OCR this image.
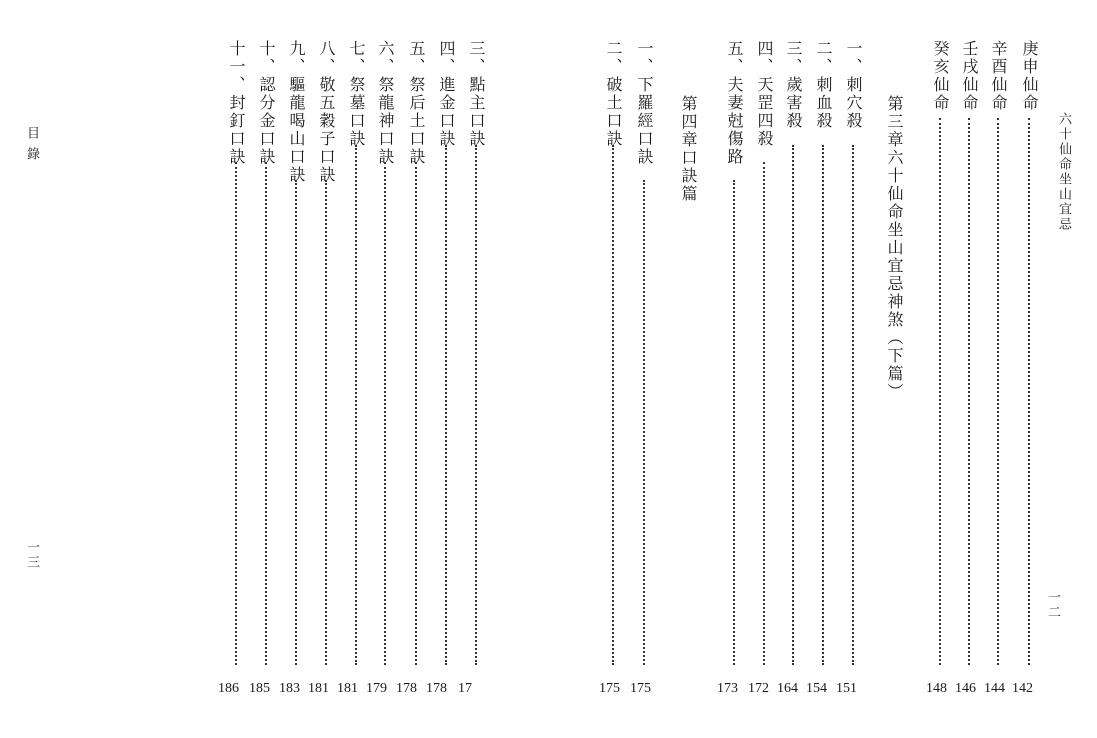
目 錄
一三
三、點主口訣
17
四、進金口訣
178
五、祭后土口訣
178
六、祭龍神口訣
179
七、祭墓口訣
181
八、敬五穀子口訣
181
九、驅龍喝山口訣
183
十、認分金口訣
185
十一、封釘口訣
186
六十仙命坐山宜忌
一二
庚申仙命
142
辛酉仙命
144
壬戌仙命
146
癸亥仙命
148
第三章六十仙命坐山宜忌神煞（下篇）
一、刺穴殺
151
二、刺血殺
154
三、歲害殺
164
四、天罡四殺
172
五、夫妻尅傷路
173
第四章口訣篇
一、下羅經口訣
175
二、破土口訣
175
